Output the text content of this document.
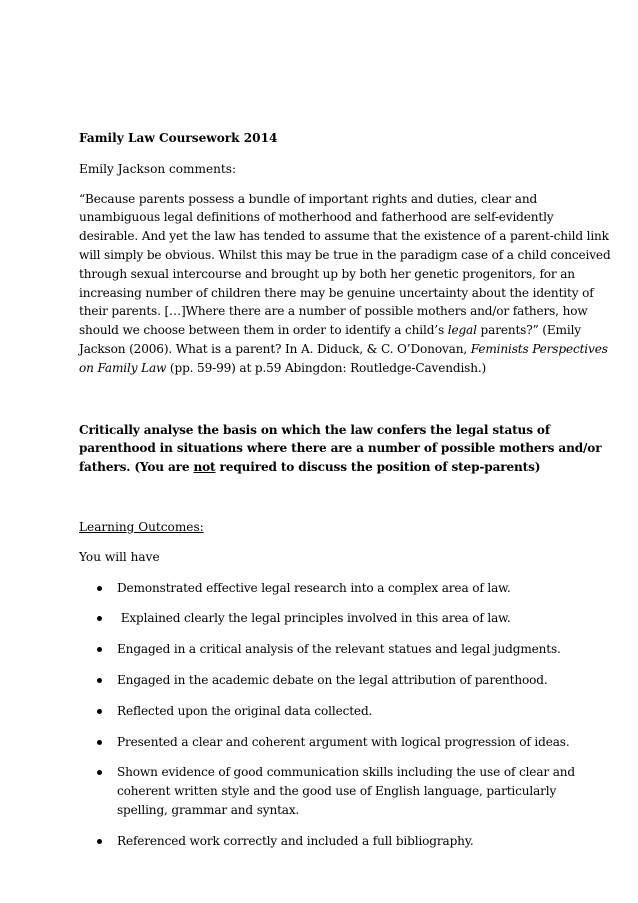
Family Law Coursework 2014

Emily Jackson comments:

“Because parents possess a bundle of important rights and duties, clear and
unambiguous legal definitions of motherhood and fatherhood are self-evidently
desirable. And yet the law has tended to assume that the existence of a parent-child link
will simply be obvious. Whilst this may be true in the paradigm case of a child conceived
through sexual intercourse and brought up by both her genetic progenitors, for an
increasing number of children there may be genuine uncertainty about the identity of
their parents. […]Where there are a number of possible mothers and/or fathers, how
should we choose between them in order to identify a child’s legal parents?” (Emily
Jackson (2006). What is a parent? In A. Diduck, & C. O’Donovan, Feminists Perspectives
on Family Law (pp. 59-99) at p.59 Abingdon: Routledge-Cavendish.)
Critically analyse the basis on which the law confers the legal status of
parenthood in situations where there are a number of possible mothers and/or
fathers. (You are not required to discuss the position of step-parents)

Learning Outcomes:

You will have

Demonstrated effective legal research into a complex area of law.
Explained clearly the legal principles involved in this area of law.
Engaged in a critical analysis of the relevant statues and legal judgments.
Engaged in the academic debate on the legal attribution of parenthood.
Reflected upon the original data collected.
Presented a clear and coherent argument with logical progression of ideas.
Shown evidence of good communication skills including the use of clear and
coherent written style and the good use of English language, particularly
spelling, grammar and syntax.
Referenced work correctly and included a full bibliography.
